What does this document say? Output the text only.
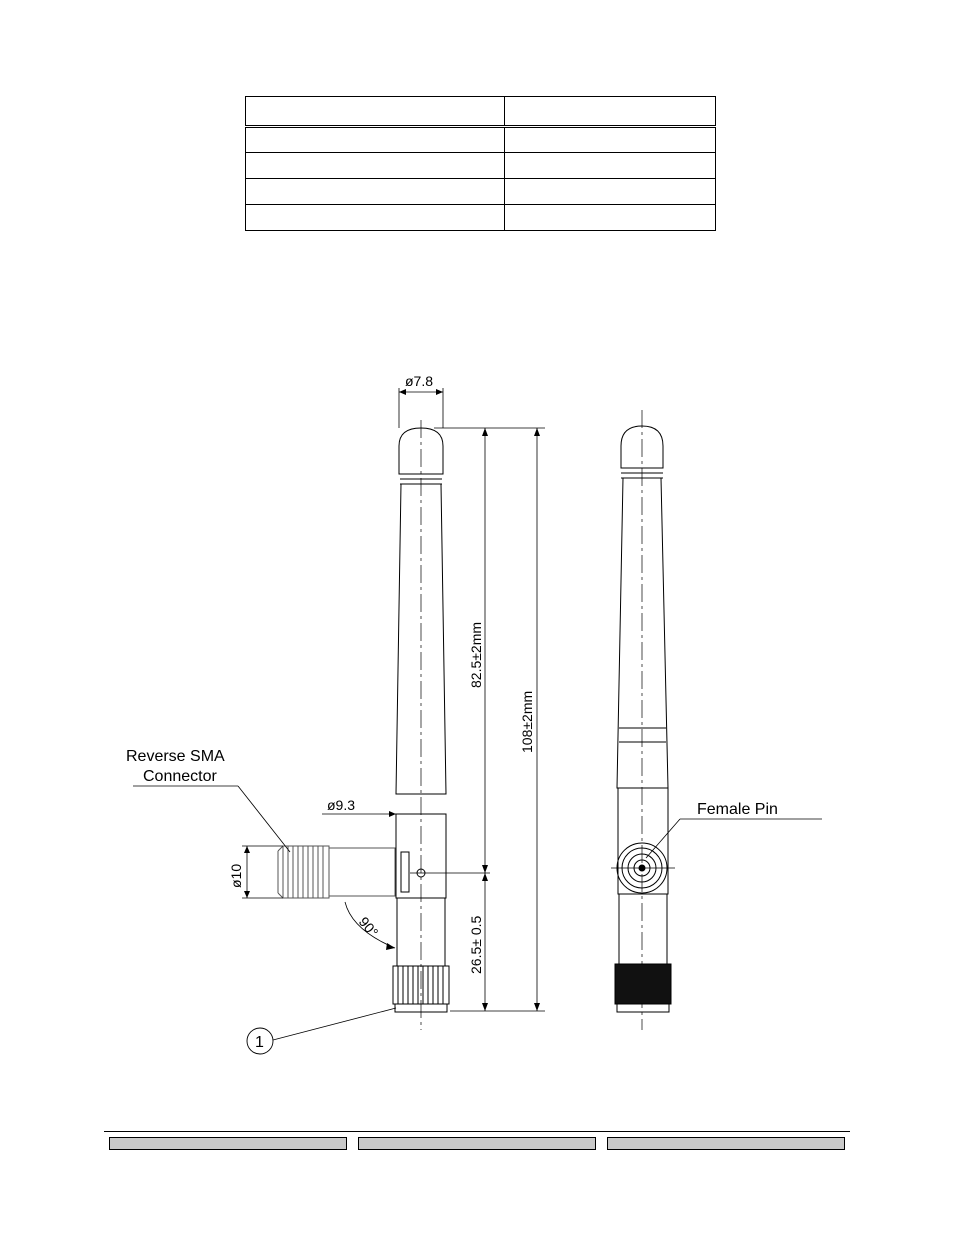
ø7.8
ø9.3
ø10
82.5±2mm
108±2mm
26.5± 0.5
90°
Reverse SMA
Connector
Female Pin
1
